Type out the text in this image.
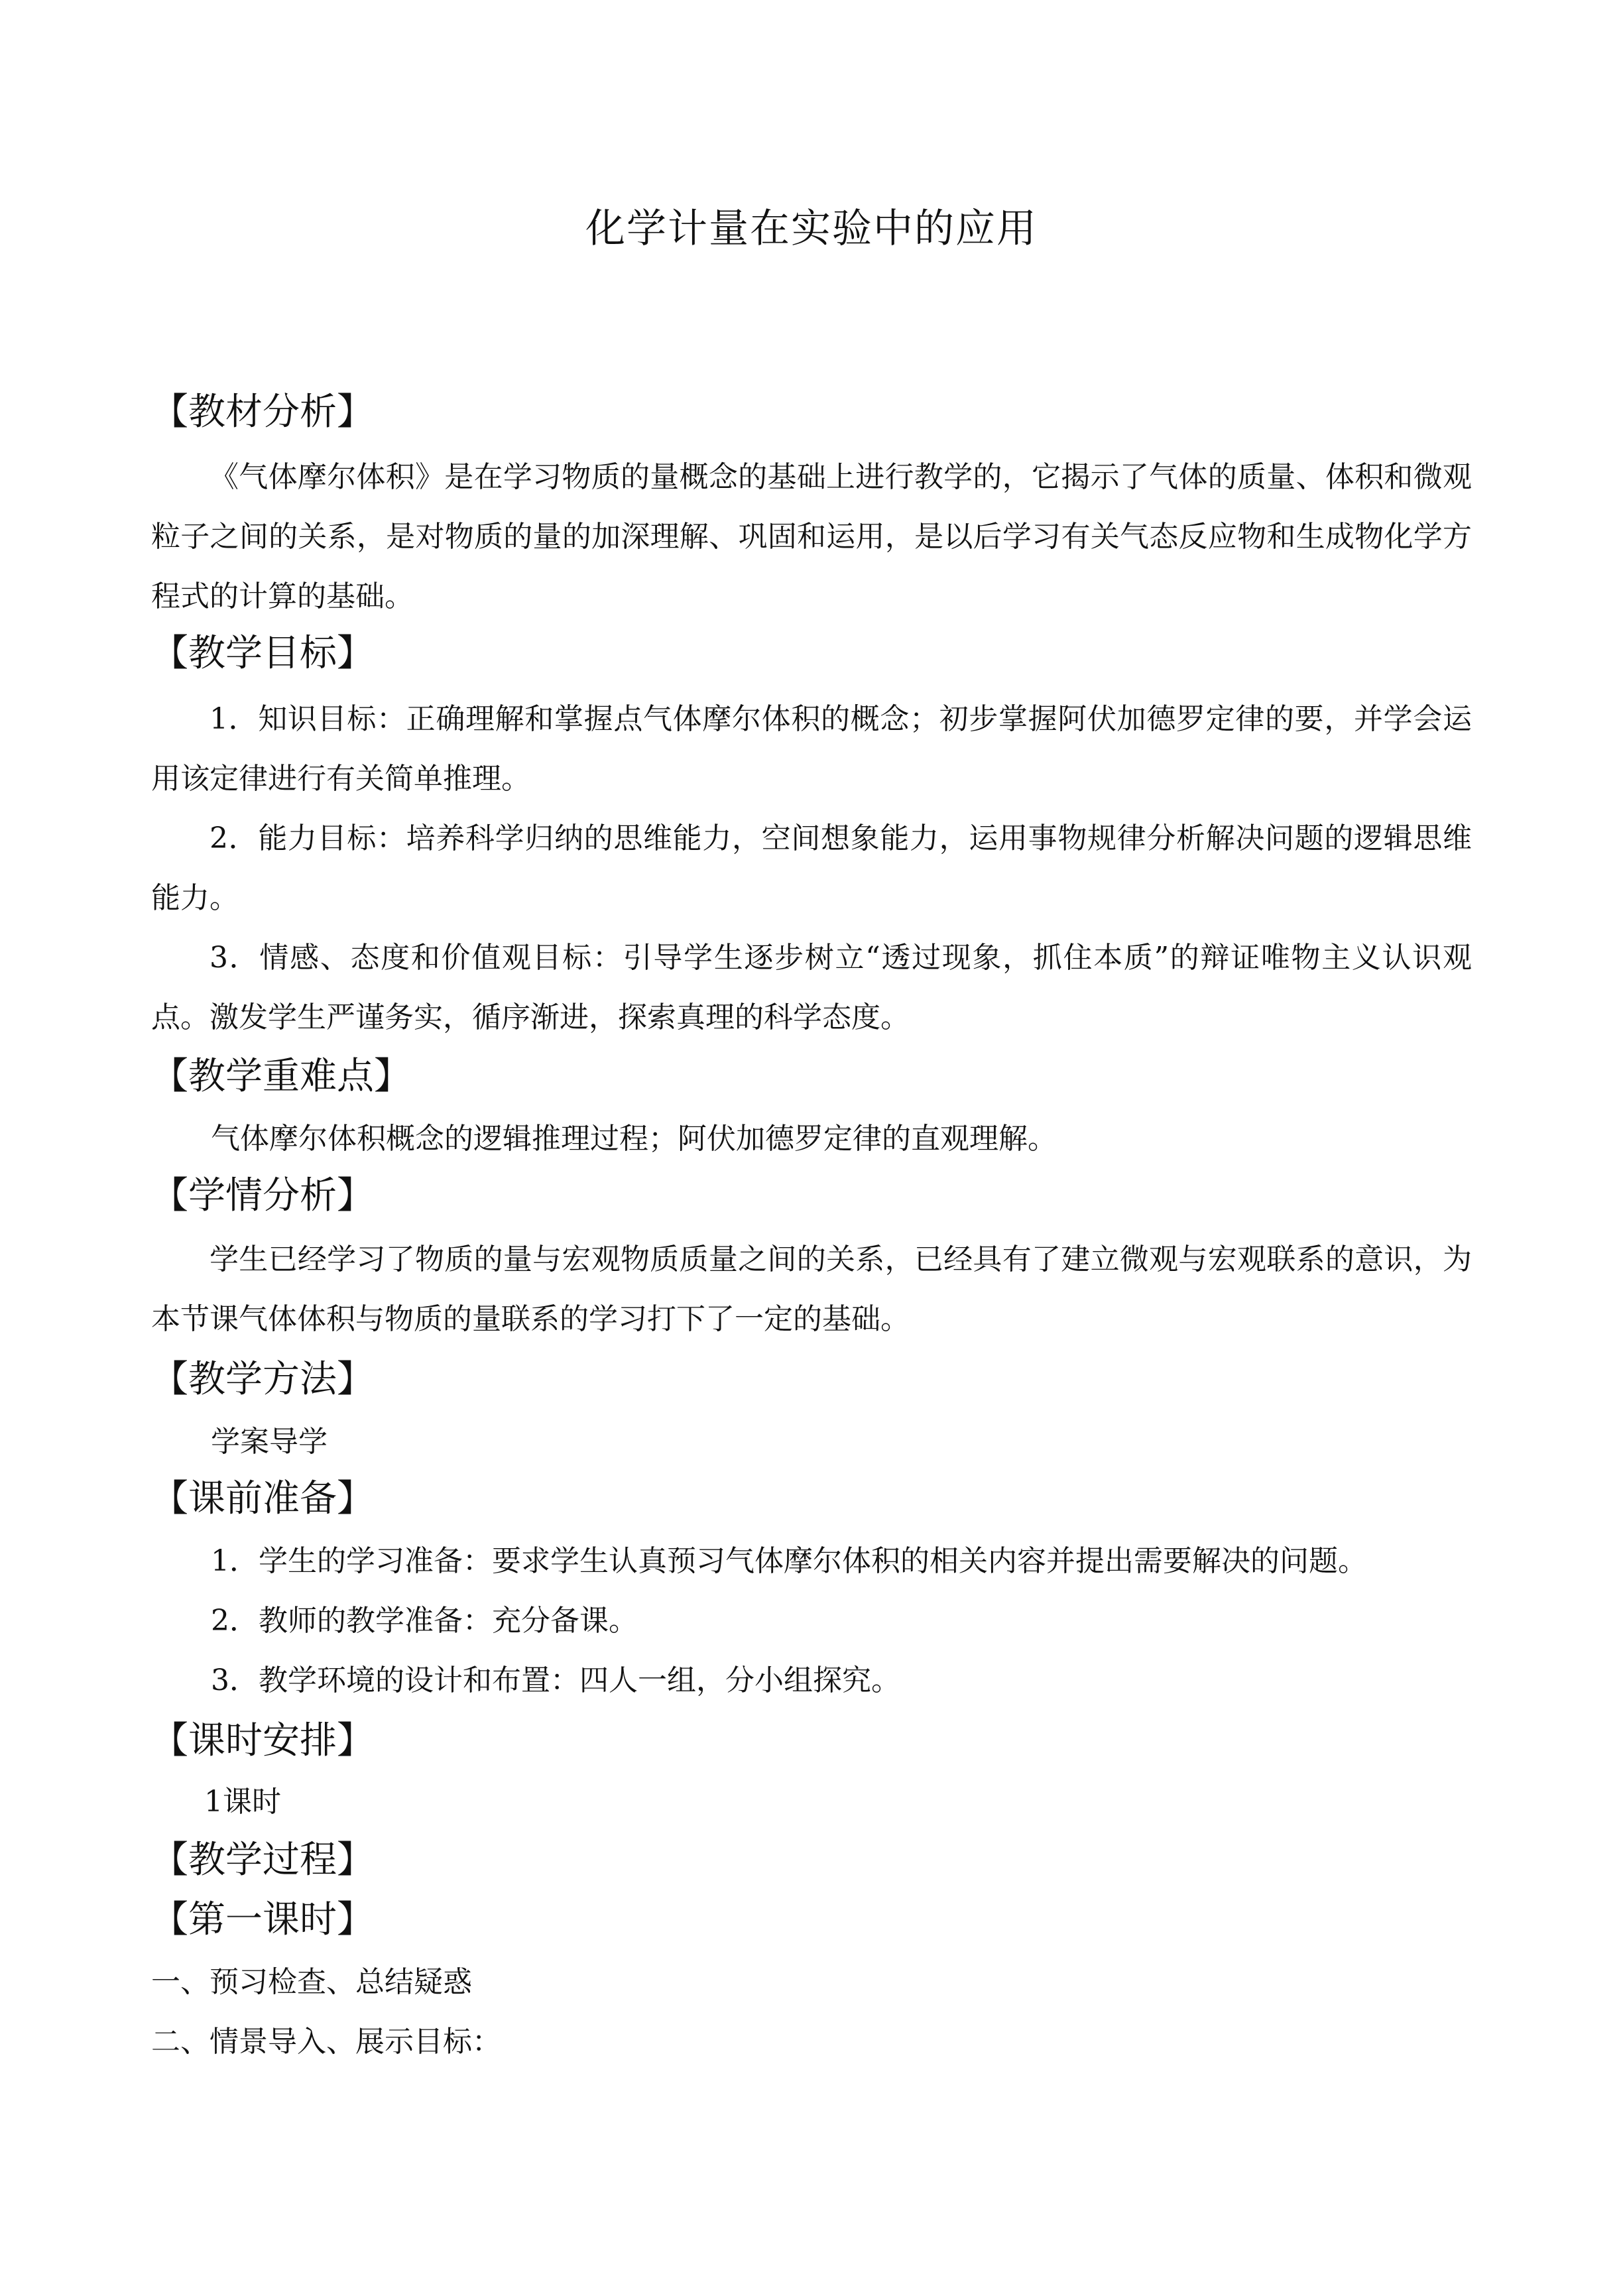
化学计量在实验中的应用
【教材分析】

《气体摩尔体积》是在学习物质的量概念的基础上进行教学的，它揭示了气体的质量、体积和微观粒子之间的关系，是对物质的量的加深理解、巩固和运用，是以后学习有关气态反应物和生成物化学方程式的计算的基础。

【教学目标】

1．知识目标：正确理解和掌握点气体摩尔体积的概念；初步掌握阿伏加德罗定律的要，并学会运用该定律进行有关简单推理。

2．能力目标：培养科学归纳的思维能力，空间想象能力，运用事物规律分析解决问题的逻辑思维能力。

3．情感、态度和价值观目标：引导学生逐步树立“透过现象，抓住本质”的辩证唯物主义认识观点。激发学生严谨务实，循序渐进，探索真理的科学态度。

【教学重难点】
气体摩尔体积概念的逻辑推理过程；阿伏加德罗定律的直观理解。
【学情分析】

学生已经学习了物质的量与宏观物质质量之间的关系，已经具有了建立微观与宏观联系的意识，为本节课气体体积与物质的量联系的学习打下了一定的基础。

【教学方法】
学案导学
【课前准备】
1．学生的学习准备：要求学生认真预习气体摩尔体积的相关内容并提出需要解决的问题。
2．教师的教学准备：充分备课。
3．教学环境的设计和布置：四人一组，分小组探究。
【课时安排】
1课时
【教学过程】
【第一课时】
一、预习检查、总结疑惑
二、情景导入、展示目标：
